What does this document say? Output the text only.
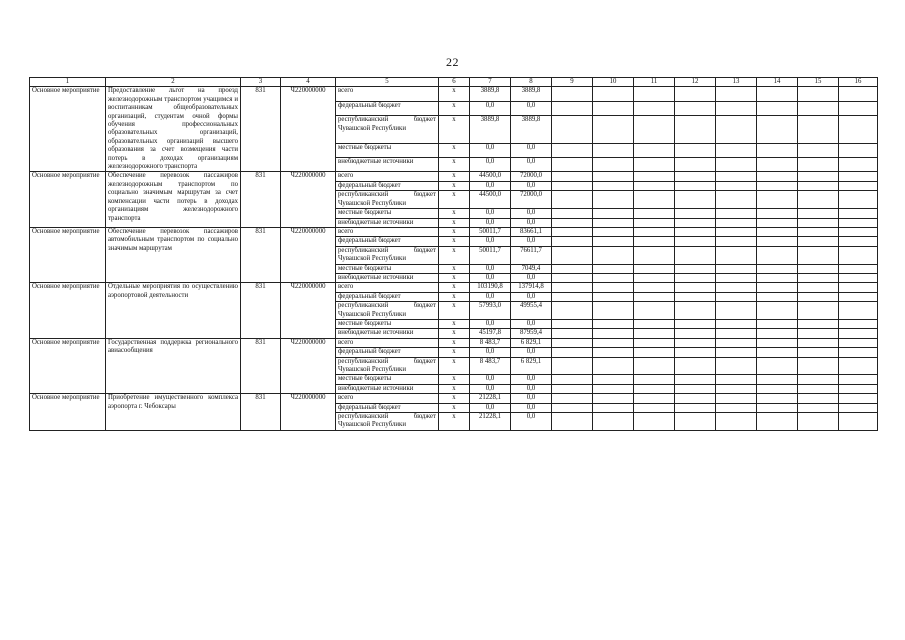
22
1	2	3	4	5	6	7	8	9	10	11	12	13	14	15	16
Основное мероприятие	Предоставление льгот на проезд железнодорожным транспортом учащимся и воспитанникам общеобразовательных организаций, студентам очной формы обучения профессиональных образовательных организаций, образовательных организаций высшего образования за счет возмещения части потерь в доходах организациям железнодорожного транспорта	831	Ч220000000	всего	х	3889,8	3889,8								
				федеральный бюджет	х	0,0	0,0								
				республиканский бюджет Чувашской Республики	х	3889,8	3889,8								
				местные бюджеты	х	0,0	0,0								
				внебюджетные источники	х	0,0	0,0								
Основное мероприятие	Обеспечение перевозок пассажиров железнодорожным транспортом по социально значимым маршрутам за счет компенсации части потерь в доходах организациям железнодорожного транспорта	831	Ч220000000	всего	х	44500,0	72000,0								
				федеральный бюджет	х	0,0	0,0								
				республиканский бюджет Чувашской Республики	х	44500,0	72000,0								
				местные бюджеты	х	0,0	0,0								
				внебюджетные источники	х	0,0	0,0								
Основное мероприятие	Обеспечение перевозок пассажиров автомобильным транспортом по социально значимым маршрутам	831	Ч220000000	всего	х	50011,7	83661,1								
				федеральный бюджет	х	0,0	0,0								
				республиканский бюджет Чувашской Республики	х	50011,7	76611,7								
				местные бюджеты	х	0,0	7049,4								
				внебюджетные источники	х	0,0	0,0								
Основное мероприятие	Отдельные мероприятия по осуществлению аэропортовой деятельности	831	Ч220000000	всего	х	103190,8	137914,8								
				федеральный бюджет	х	0,0	0,0								
				республиканский бюджет Чувашской Республики	х	57993,0	49955,4								
				местные бюджеты	х	0,0	0,0								
				внебюджетные источники	х	45197,8	87959,4								
Основное мероприятие	Государственная поддержка регионального авиасообщения	831	Ч220000000	всего	х	8 483,7	6 829,1								
				федеральный бюджет	х	0,0	0,0								
				республиканский бюджет Чувашской Республики	х	8 483,7	6 829,1								
				местные бюджеты	х	0,0	0,0								
				внебюджетные источники	х	0,0	0,0								
Основное мероприятие	Приобретение имущественного комплекса аэропорта г. Чебоксары	831	Ч220000000	всего	х	21228,1	0,0								
				федеральный бюджет	х	0,0	0,0								
				республиканский бюджет Чувашской Республики	х	21228,1	0,0								
